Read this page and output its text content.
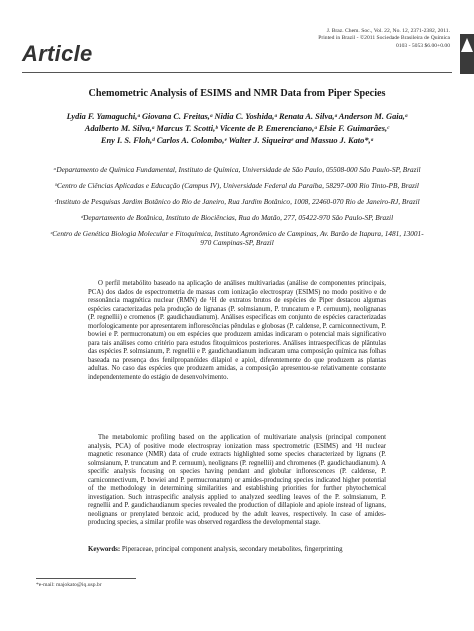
Article
J. Braz. Chem. Soc., Vol. 22, No. 12, 2371-2382, 2011.
Printed in Brazil - ©2011 Sociedade Brasileira de Química
0103 - 5053 $6.00+0.00
Chemometric Analysis of ESIMS and NMR Data from Piper Species
Lydia F. Yamaguchi,ᵃ Giovana C. Freitas,ᵃ Nidia C. Yoshida,ᵃ Renata A. Silva,ᵃ Anderson M. Gaia,ᵃ
Adalberto M. Silva,ᵃ Marcus T. Scotti,ᵇ Vicente de P. Emerenciano,ᵃ Elsie F. Guimarães,ᶜ
Eny I. S. Floh,ᵈ Carlos A. Colombo,ᵉ Walter J. Siqueiraᵉ and Massuo J. Kato*,ᵃ
ᵃDepartamento de Química Fundamental, Instituto de Química, Universidade de São Paulo, 05508-000 São Paulo-SP, Brazil
ᵇCentro de Ciências Aplicadas e Educação (Campus IV), Universidade Federal da Paraíba, 58297-000 Rio Tinto-PB, Brazil
ᶜInstituto de Pesquisas Jardim Botânico do Rio de Janeiro, Rua Jardim Botânico, 1008, 22460-070 Rio de Janeiro-RJ, Brazil
ᵈDepartamento de Botânica, Instituto de Biociências, Rua do Matão, 277, 05422-970 São Paulo-SP, Brazil
ᵉCentro de Genética Biologia Molecular e Fitoquímica, Instituto Agronômico de Campinas, Av. Barão de Itapura, 1481, 13001-970 Campinas-SP, Brazil
O perfil metabólito baseado na aplicação de análises multivariadas (análise de componentes principais, PCA) dos dados de espectrometria de massas com ionização electrospray (ESIMS) no modo positivo e de ressonância magnética nuclear (RMN) de ¹H de extratos brutos de espécies de Piper destacou algumas espécies caracterizadas pela produção de lignanas (P. solmsianum, P. truncatum e P. cernuum), neolignanas (P. regnellii) e cromenos (P. gaudichaudianum). Análises específicas em conjunto de espécies caracterizadas morfologicamente por apresentarem inflorescências pêndulas e globosas (P. caldense, P. carniconnectivum, P. bowiei e P. permucronatum) ou em espécies que produzem amidas indicaram o potencial mais significativo para tais análises como critério para estudos fitoquímicos posteriores. Análises intraespecíficas de plântulas das espécies P. solmsianum, P. regnellii e P. gaudichaudianum indicaram uma composição química nas folhas baseada na presença dos fenilpropanóides dilapiol e apiol, diferentemente do que produzem as plantas adultas. No caso das espécies que produzem amidas, a composição apresentou-se relativamente constante independentemente do estágio de desenvolvimento.
The metabolomic profiling based on the application of multivariate analysis (principal component analysis, PCA) of positive mode electrospray ionization mass spectrometric (ESIMS) and ¹H nuclear magnetic resonance (NMR) data of crude extracts highlighted some species characterized by lignans (P. solmsianum, P. truncatum and P. cernuum), neolignans (P. regnellii) and chromenes (P. gaudichaudianum). A specific analysis focusing on species having pendant and globular inflorescences (P. caldense, P. carniconnectivum, P. bowiei and P. permucronatum) or amides-producing species indicated higher potential of the methodology in determining similarities and establishing priorities for further phytochemical investigation. Such intraspecific analysis applied to analyzed seedling leaves of the P. solmsianum, P. regnellii and P. gaudichaudianum species revealed the production of dillapiole and apiole instead of lignans, neolignans or prenylated benzoic acid, produced by the adult leaves, respectively. In case of amides-producing species, a similar profile was observed regardless the developmental stage.
Keywords: Piperaceae, principal component analysis, secondary metabolites, fingerprinting
*e-mail: majokato@iq.usp.br
